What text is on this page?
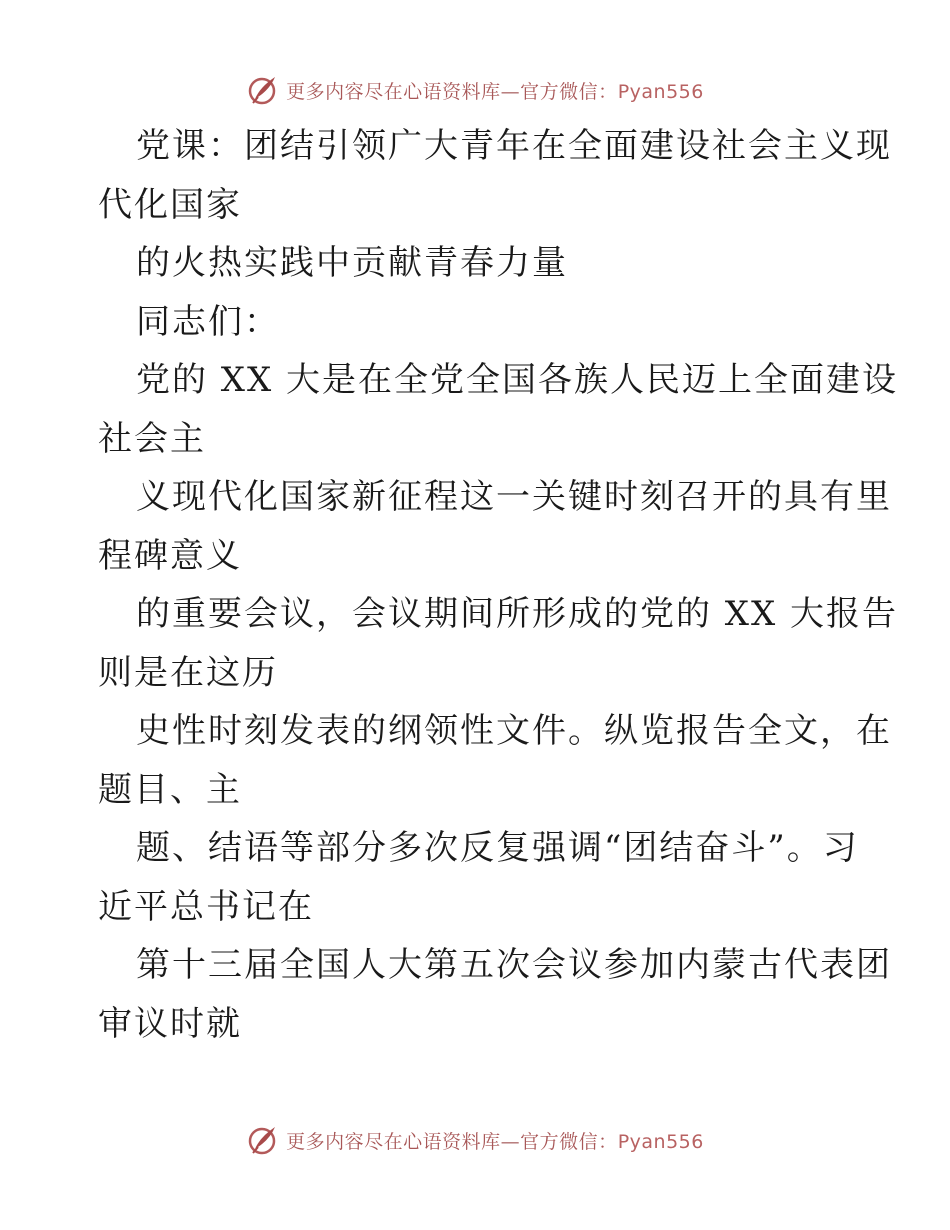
更多内容尽在心语资料库—官方微信：Pyan556
党课：团结引领广大青年在全面建设社会主义现
代化国家
的火热实践中贡献青春力量
同志们：
党的 XX 大是在全党全国各族人民迈上全面建设
社会主
义现代化国家新征程这一关键时刻召开的具有里
程碑意义
的重要会议，会议期间所形成的党的 XX 大报告
则是在这历
史性时刻发表的纲领性文件。纵览报告全文，在
题目、主
题、结语等部分多次反复强调“团结奋斗”。习
近平总书记在
第十三届全国人大第五次会议参加内蒙古代表团
审议时就
更多内容尽在心语资料库—官方微信：Pyan556
